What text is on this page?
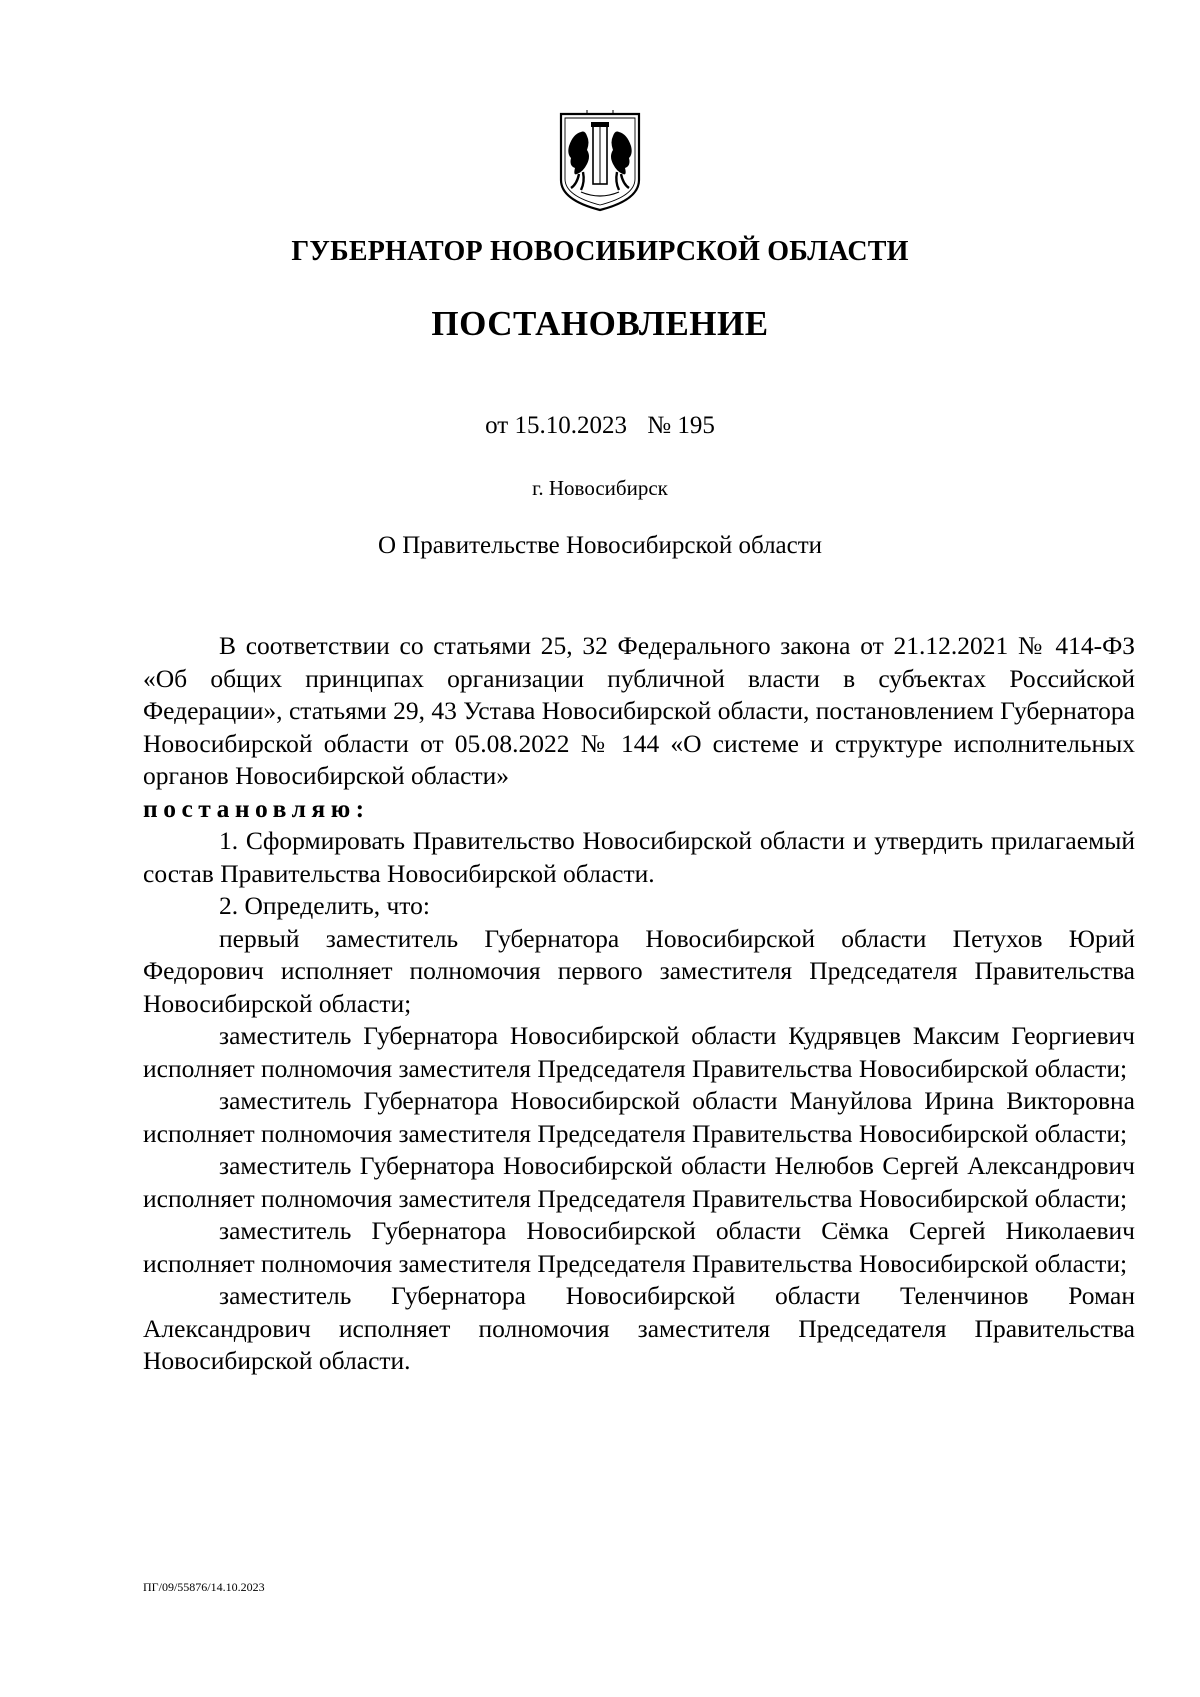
ГУБЕРНАТОР НОВОСИБИРСКОЙ ОБЛАСТИ
ПОСТАНОВЛЕНИЕ
от 15.10.2023 № 195
г. Новосибирск
О Правительстве Новосибирской области

В соответствии со статьями 25, 32 Федерального закона от 21.12.2021 № 414-ФЗ «Об общих принципах организации публичной власти в субъектах Российской Федерации», статьями 29, 43 Устава Новосибирской области, постановлением Губернатора Новосибирской области от 05.08.2022 № 144 «О системе и структуре исполнительных органов Новосибирской области»

постановляю:

1. Сформировать Правительство Новосибирской области и утвердить прилагаемый состав Правительства Новосибирской области.

2. Определить, что:

первый заместитель Губернатора Новосибирской области Петухов Юрий Федорович исполняет полномочия первого заместителя Председателя Правительства Новосибирской области;

заместитель Губернатора Новосибирской области Кудрявцев Максим Георгиевич исполняет полномочия заместителя Председателя Правительства Новосибирской области;

заместитель Губернатора Новосибирской области Мануйлова Ирина Викторовна исполняет полномочия заместителя Председателя Правительства Новосибирской области;

заместитель Губернатора Новосибирской области Нелюбов Сергей Александрович исполняет полномочия заместителя Председателя Правительства Новосибирской области;

заместитель Губернатора Новосибирской области Сёмка Сергей Николаевич исполняет полномочия заместителя Председателя Правительства Новосибирской области;

заместитель Губернатора Новосибирской области Теленчинов Роман Александрович исполняет полномочия заместителя Председателя Правительства Новосибирской области.

ПГ/09/55876/14.10.2023
